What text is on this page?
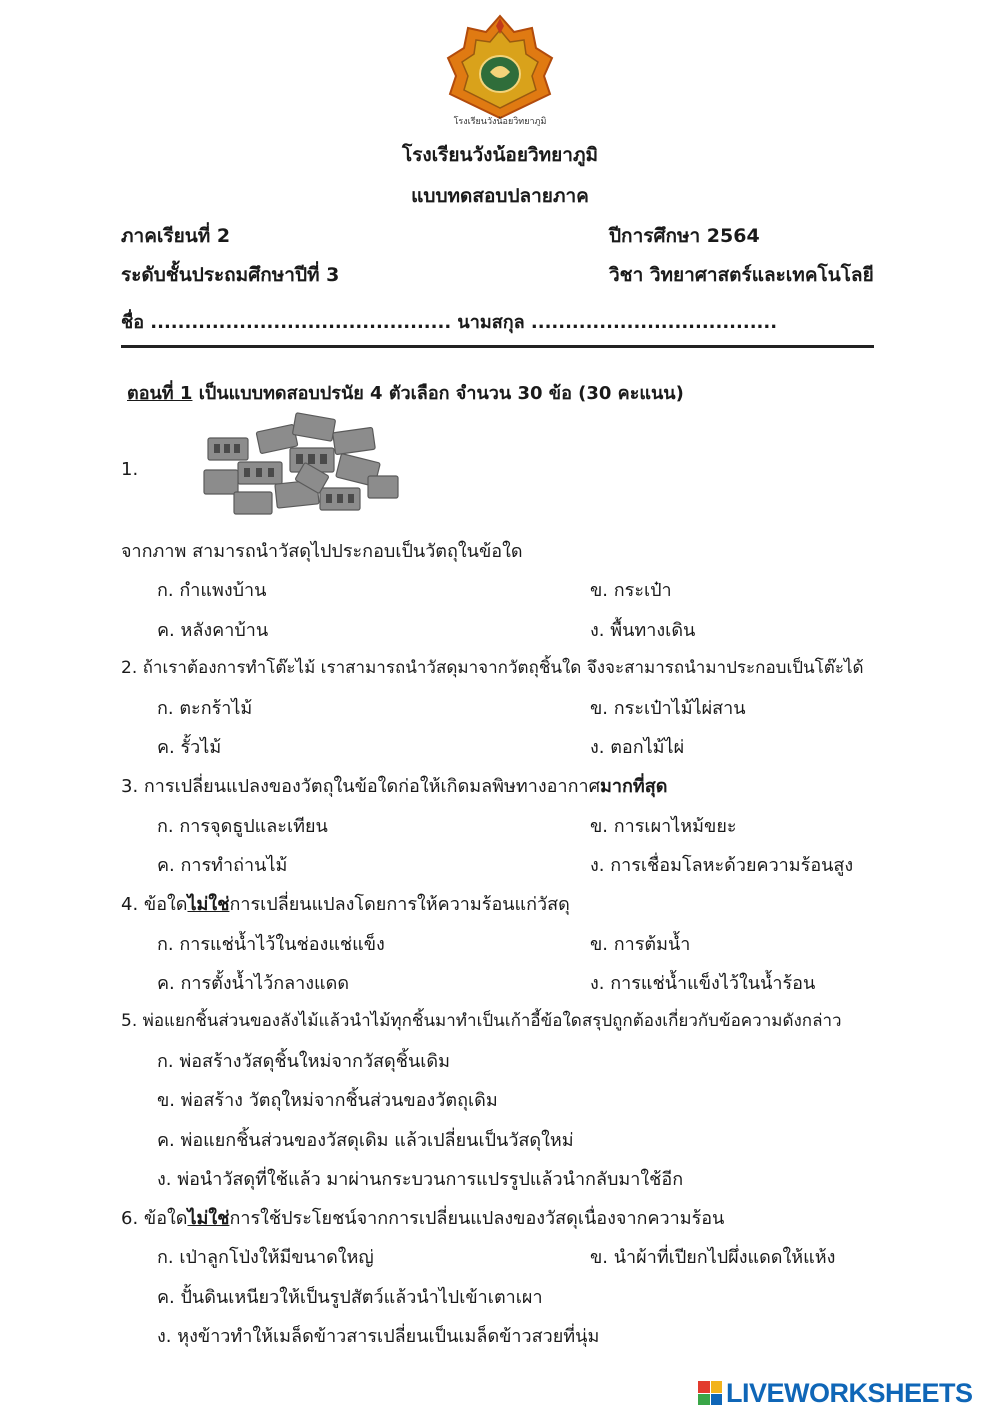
โรงเรียนวังน้อยวิทยาภูมิ
โรงเรียนวังน้อยวิทยาภูมิ
แบบทดสอบปลายภาค
ภาคเรียนที่ 2	ปีการศึกษา 2564
ระดับชั้นประถมศึกษาปีที่ 3	วิชา วิทยาศาสตร์และเทคโนโลยี
ชื่อ ............................................ นามสกุล ....................................
ตอนที่ 1 เป็นแบบทดสอบปรนัย 4 ตัวเลือก จำนวน 30 ข้อ (30 คะแนน)
1.
จากภาพ สามารถนำวัสดุไปประกอบเป็นวัตถุในข้อใด
ก. กำแพงบ้าน	ข. กระเป๋า
ค. หลังคาบ้าน	ง. พื้นทางเดิน
2. ถ้าเราต้องการทำโต๊ะไม้ เราสามารถนำวัสดุมาจากวัตถุชิ้นใด จึงจะสามารถนำมาประกอบเป็นโต๊ะได้
ก. ตะกร้าไม้	ข. กระเป๋าไม้ไผ่สาน
ค. รั้วไม้	ง. ตอกไม้ไผ่
3. การเปลี่ยนแปลงของวัตถุในข้อใดก่อให้เกิดมลพิษทางอากาศมากที่สุด
ก. การจุดธูปและเทียน	ข. การเผาไหม้ขยะ
ค. การทำถ่านไม้	ง. การเชื่อมโลหะด้วยความร้อนสูง
4. ข้อใดไม่ใช่การเปลี่ยนแปลงโดยการให้ความร้อนแก่วัสดุ
ก. การแช่น้ำไว้ในช่องแช่แข็ง	ข. การต้มน้ำ
ค. การตั้งน้ำไว้กลางแดด	ง. การแช่น้ำแข็งไว้ในน้ำร้อน
5. พ่อแยกชิ้นส่วนของลังไม้แล้วนำไม้ทุกชิ้นมาทำเป็นเก้าอี้ข้อใดสรุปถูกต้องเกี่ยวกับข้อความดังกล่าว
ก. พ่อสร้างวัสดุชิ้นใหม่จากวัสดุชิ้นเดิม
ข. พ่อสร้าง วัตถุใหม่จากชิ้นส่วนของวัตถุเดิม
ค. พ่อแยกชิ้นส่วนของวัสดุเดิม แล้วเปลี่ยนเป็นวัสดุใหม่
ง. พ่อนำวัสดุที่ใช้แล้ว มาผ่านกระบวนการแปรรูปแล้วนำกลับมาใช้อีก
6. ข้อใดไม่ใช่การใช้ประโยชน์จากการเปลี่ยนแปลงของวัสดุเนื่องจากความร้อน
ก. เป่าลูกโป่งให้มีขนาดใหญ่	ข. นำผ้าที่เปียกไปผึ่งแดดให้แห้ง
ค. ปั้นดินเหนียวให้เป็นรูปสัตว์แล้วนำไปเข้าเตาเผา
ง. หุงข้าวทำให้เมล็ดข้าวสารเปลี่ยนเป็นเมล็ดข้าวสวยที่นุ่ม
LIVEWORKSHEETS
